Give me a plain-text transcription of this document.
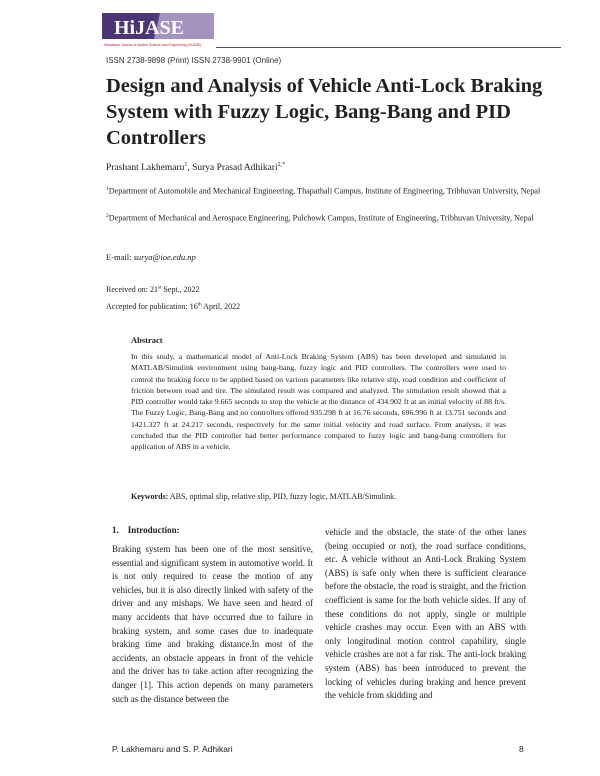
HiJASE
Himalayan Journal of Applied Science and Engineering (HiJASE)
ISSN 2738-9898 (Print) ISSN 2738-9901 (Online)
Design and Analysis of Vehicle Anti-Lock Braking System with Fuzzy Logic, Bang-Bang and PID Controllers
Prashant Lakhemaru$^1$, Surya Prasad Adhikari$^{2,*}$
$^1$Department of Automobile and Mechanical Engineering, Thapathali Campus, Institute of Engineering, Tribhuvan University, Nepal
$^2$Department of Mechanical and Aerospace Engineering, Pulchowk Campus, Institute of Engineering, Tribhuvan University, Nepal
E-mail: surya@ioe.edu.np
Received on: 21st Sept., 2022
Accepted for publication: 16th April, 2022
Abstract

In this study, a mathematical model of Anti-Lock Braking System (ABS) has been developed and simulated in MATLAB/Simulink environment using bang-bang, fuzzy logic and PID controllers. The controllers were used to control the braking force to be applied based on various parameters like relative slip, road condition and coefficient of friction between road and tire. The simulated result was compared and analyzed. The simulation result showed that a PID controller would take 9.665 seconds to stop the vehicle at the distance of 434.902 ft at an initial velocity of 88 ft/s. The Fuzzy Logic, Bang-Bang and no controllers offered 935.298 ft at 16.76 seconds, 696.996 ft at 13.751 seconds and 1421.327 ft at 24.217 seconds, respectively for the same initial velocity and road surface. From analysis, it was concluded that the PID controller had better performance compared to fuzzy logic and bang-bang controllers for application of ABS in a vehicle.

Keywords: ABS, optimal slip, relative slip, PID, fuzzy logic, MATLAB/Simulink.
1. Introduction:

Braking system has been one of the most sensitive, essential and significant system in automotive world. It is not only required to cease the motion of any vehicles, but it is also directly linked with safety of the driver and any mishaps. We have seen and heard of many accidents that have occurred due to failure in braking system, and some cases due to inadequate braking time and braking distance.In most of the accidents, an obstacle appears in front of the vehicle and the driver has to take action after recognizing the danger [1]. This action depends on many parameters such as the distance between the

vehicle and the obstacle, the state of the other lanes (being occupied or not), the road surface conditions, etc. A vehicle without an Anti-Lock Braking System (ABS) is safe only when there is sufficient clearance before the obstacle, the road is straight, and the friction coefficient is same for the both vehicle sides. If any of these conditions do not apply, single or multiple vehicle crashes may occur. Even with an ABS with only longitudinal motion control capability, single vehicle crashes are not a far risk. The anti-lock braking system (ABS) has been introduced to prevent the locking of vehicles during braking and hence prevent the vehicle from skidding and

P. Lakhemaru and S. P. Adhikari	8
